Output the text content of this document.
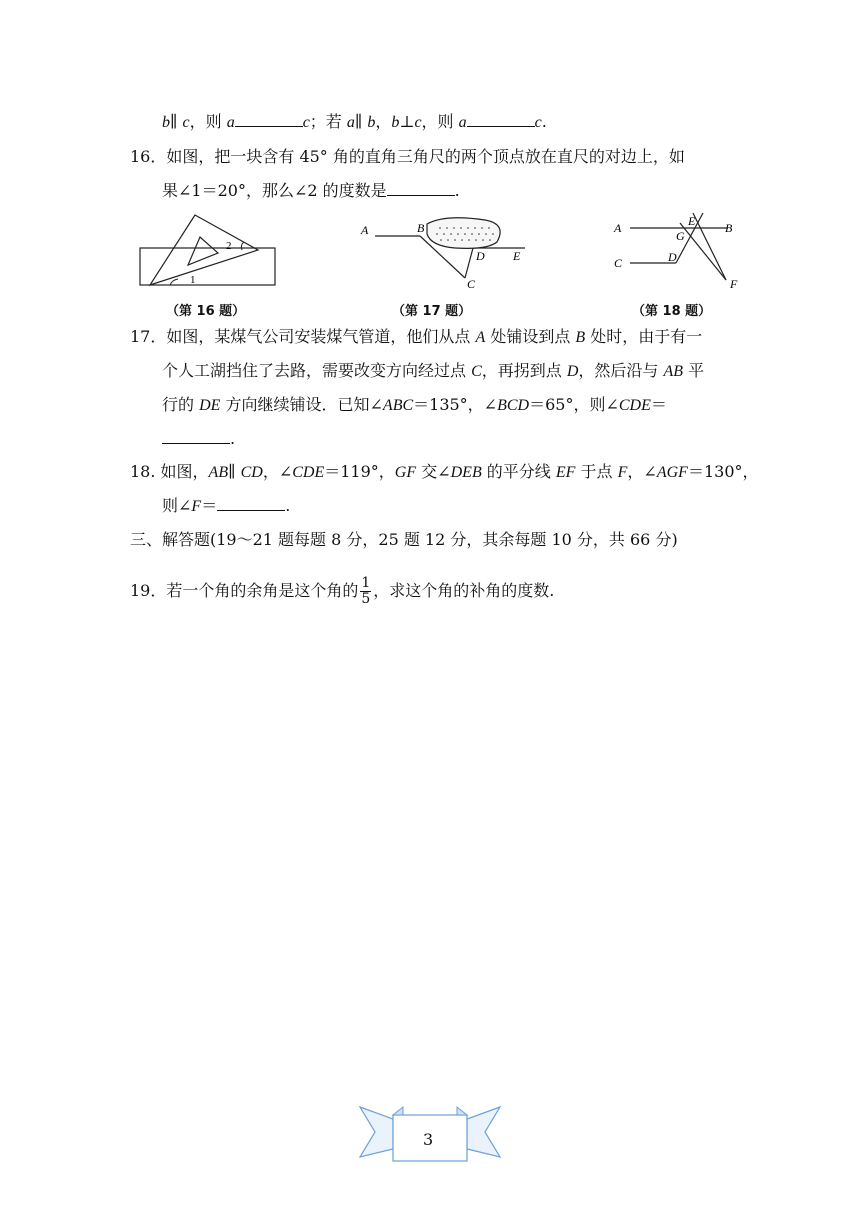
b∥ c，则 a	c；若 a∥ b，b⊥c，则 a	c.
16．如图，把一块含有 45° 角的直角三角尺的两个顶点放在直尺的对边上，如
果∠1＝20°，那么∠2 的度数是	.
1
2
（第 16 题）
A	B
C
D E
（第 17 题）
A	E B
G
C	D
F
（第 18 题）
17．如图，某煤气公司安装煤气管道，他们从点 A 处铺设到点 B 处时，由于有一
个人工湖挡住了去路，需要改变方向经过点 C，再拐到点 D，然后沿与 AB 平
行的 DE 方向继续铺设．已知∠ABC＝135°，∠BCD＝65°，则∠CDE＝
.
18. 如图，AB∥ CD，∠CDE＝119°，GF 交∠DEB 的平分线 EF 于点 F，∠AGF＝130°，
则∠F＝	.
三、解答题(19～21 题每题 8 分，25 题 12 分，其余每题 10 分，共 66 分)
19．若一个角的余角是这个角的 $\frac{1}{5}$ ，求这个角的补角的度数.
3
